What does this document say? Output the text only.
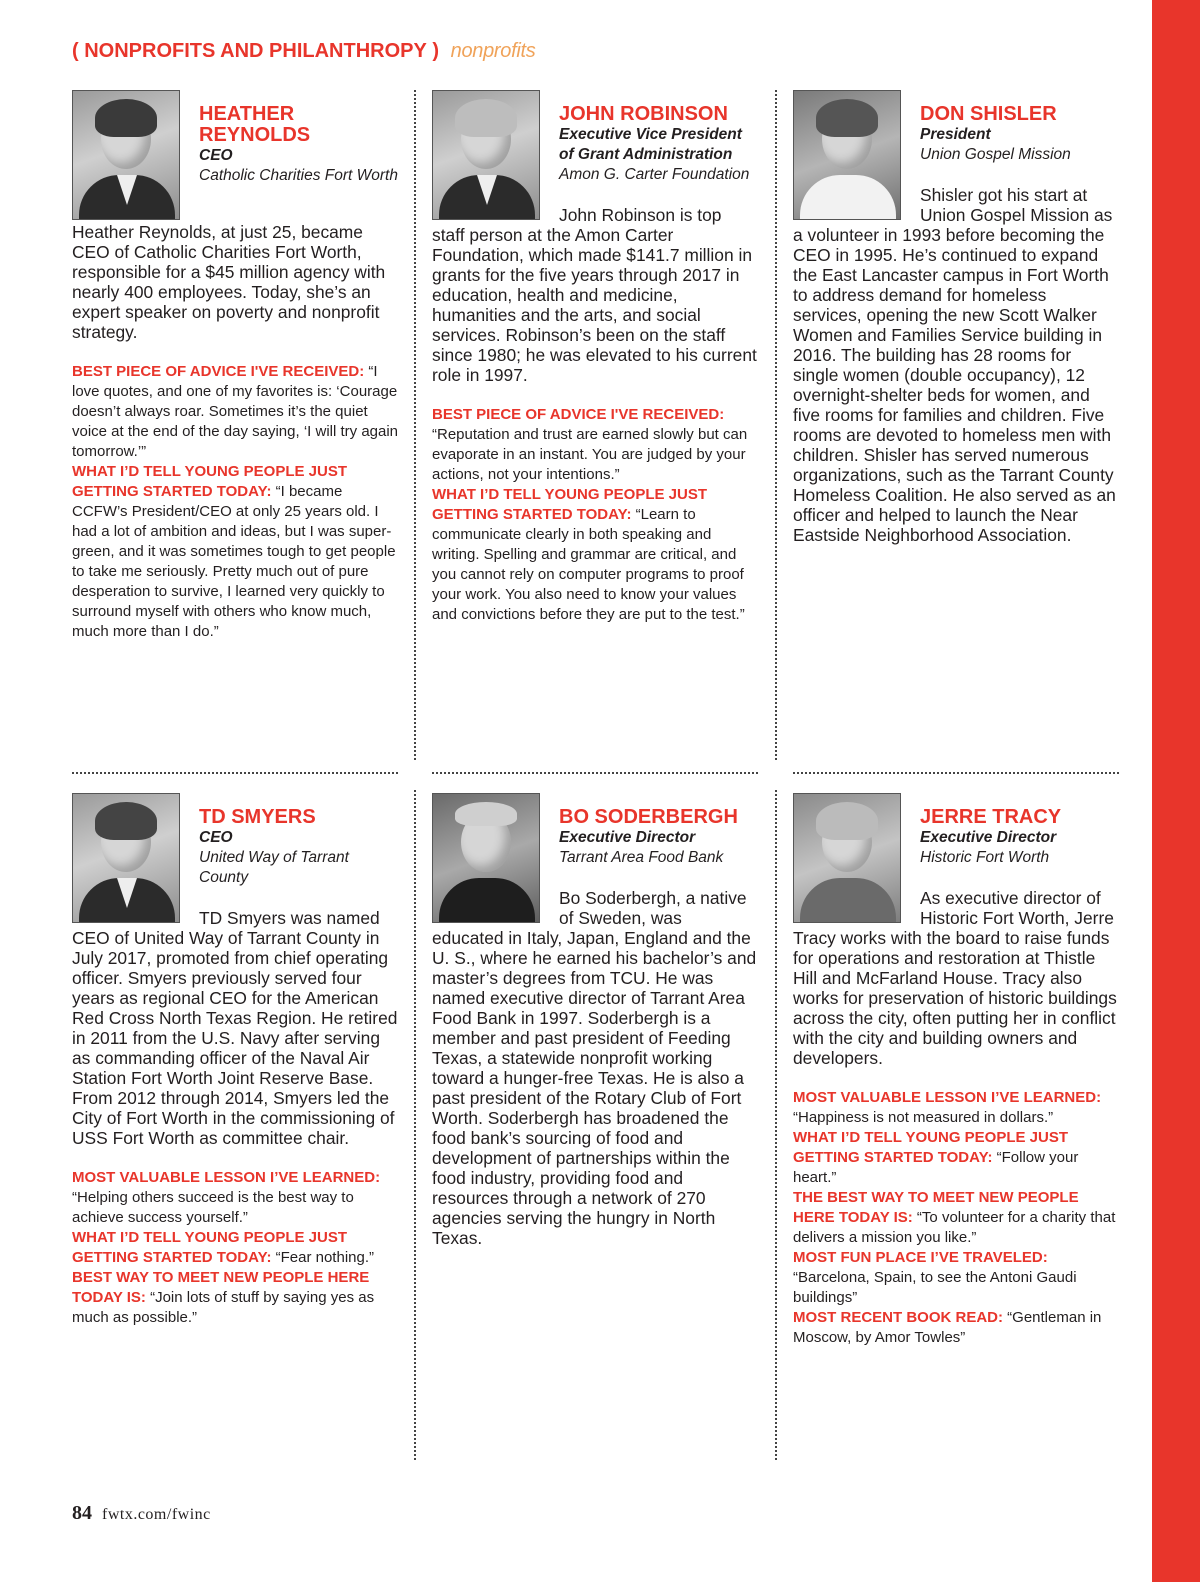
( NONPROFITS AND PHILANTHROPY ) nonprofits
HEATHER REYNOLDS
CEO
Catholic Charities Fort Worth

Heather Reynolds, at just 25, became CEO of Catholic Charities Fort Worth, responsible for a $45 million agency with nearly 400 employees. Today, she’s an expert speaker on poverty and nonprofit strategy.

BEST PIECE OF ADVICE I'VE RECEIVED: “I love quotes, and one of my favorites is: ‘Courage doesn’t always roar. Sometimes it’s the quiet voice at the end of the day saying, ‘I will try again tomorrow.’”

WHAT I’D TELL YOUNG PEOPLE JUST GETTING STARTED TODAY: “I became CCFW’s President/CEO at only 25 years old. I had a lot of ambition and ideas, but I was super-green, and it was sometimes tough to get people to take me seriously. Pretty much out of pure desperation to survive, I learned very quickly to surround myself with others who know much, much more than I do.”

JOHN ROBINSON
Executive Vice President of Grant Administration
Amon G. Carter Foundation

John Robinson is top staff person at the Amon Carter Foundation, which made $141.7 million in grants for the five years through 2017 in education, health and medicine, humanities and the arts, and social services. Robinson’s been on the staff since 1980; he was elevated to his current role in 1997.

BEST PIECE OF ADVICE I'VE RECEIVED: “Reputation and trust are earned slowly but can evaporate in an instant. You are judged by your actions, not your intentions.”

WHAT I’D TELL YOUNG PEOPLE JUST GETTING STARTED TODAY: “Learn to communicate clearly in both speaking and writing. Spelling and grammar are critical, and you cannot rely on computer programs to proof your work. You also need to know your values and convictions before they are put to the test.”

DON SHISLER
President
Union Gospel Mission

Shisler got his start at Union Gospel Mission as a volunteer in 1993 before becoming the CEO in 1995. He’s continued to expand the East Lancaster campus in Fort Worth to address demand for homeless services, opening the new Scott Walker Women and Families Service building in 2016. The building has 28 rooms for single women (double occupancy), 12 overnight-shelter beds for women, and five rooms for families and children. Five rooms are devoted to homeless men with children. Shisler has served numerous organizations, such as the Tarrant County Homeless Coalition. He also served as an officer and helped to launch the Near Eastside Neighborhood Association.

TD SMYERS
CEO
United Way of Tarrant County

TD Smyers was named CEO of United Way of Tarrant County in July 2017, promoted from chief operating officer. Smyers previously served four years as regional CEO for the American Red Cross North Texas Region. He retired in 2011 from the U.S. Navy after serving as commanding officer of the Naval Air Station Fort Worth Joint Reserve Base. From 2012 through 2014, Smyers led the City of Fort Worth in the commissioning of USS Fort Worth as committee chair.

MOST VALUABLE LESSON I’VE LEARNED: “Helping others succeed is the best way to achieve success yourself.”

WHAT I’D TELL YOUNG PEOPLE JUST GETTING STARTED TODAY: “Fear nothing.”

BEST WAY TO MEET NEW PEOPLE HERE TODAY IS: “Join lots of stuff by saying yes as much as possible.”

BO SODERBERGH
Executive Director
Tarrant Area Food Bank

Bo Soderbergh, a native of Sweden, was educated in Italy, Japan, England and the U. S., where he earned his bachelor’s and master’s degrees from TCU. He was named executive director of Tarrant Area Food Bank in 1997. Soderbergh is a member and past president of Feeding Texas, a statewide nonprofit working toward a hunger-free Texas. He is also a past president of the Rotary Club of Fort Worth. Soderbergh has broadened the food bank’s sourcing of food and development of partnerships within the food industry, providing food and resources through a network of 270 agencies serving the hungry in North Texas.

JERRE TRACY
Executive Director
Historic Fort Worth

As executive director of Historic Fort Worth, Jerre Tracy works with the board to raise funds for operations and restoration at Thistle Hill and McFarland House. Tracy also works for preservation of historic buildings across the city, often putting her in conflict with the city and building owners and developers.

MOST VALUABLE LESSON I’VE LEARNED: “Happiness is not measured in dollars.”

WHAT I’D TELL YOUNG PEOPLE JUST GETTING STARTED TODAY: “Follow your heart.”

THE BEST WAY TO MEET NEW PEOPLE HERE TODAY IS: “To volunteer for a charity that delivers a mission you like.”

MOST FUN PLACE I’VE TRAVELED: “Barcelona, Spain, to see the Antoni Gaudi buildings”

MOST RECENT BOOK READ: “Gentleman in Moscow, by Amor Towles”

84 fwtx.com/fwinc
